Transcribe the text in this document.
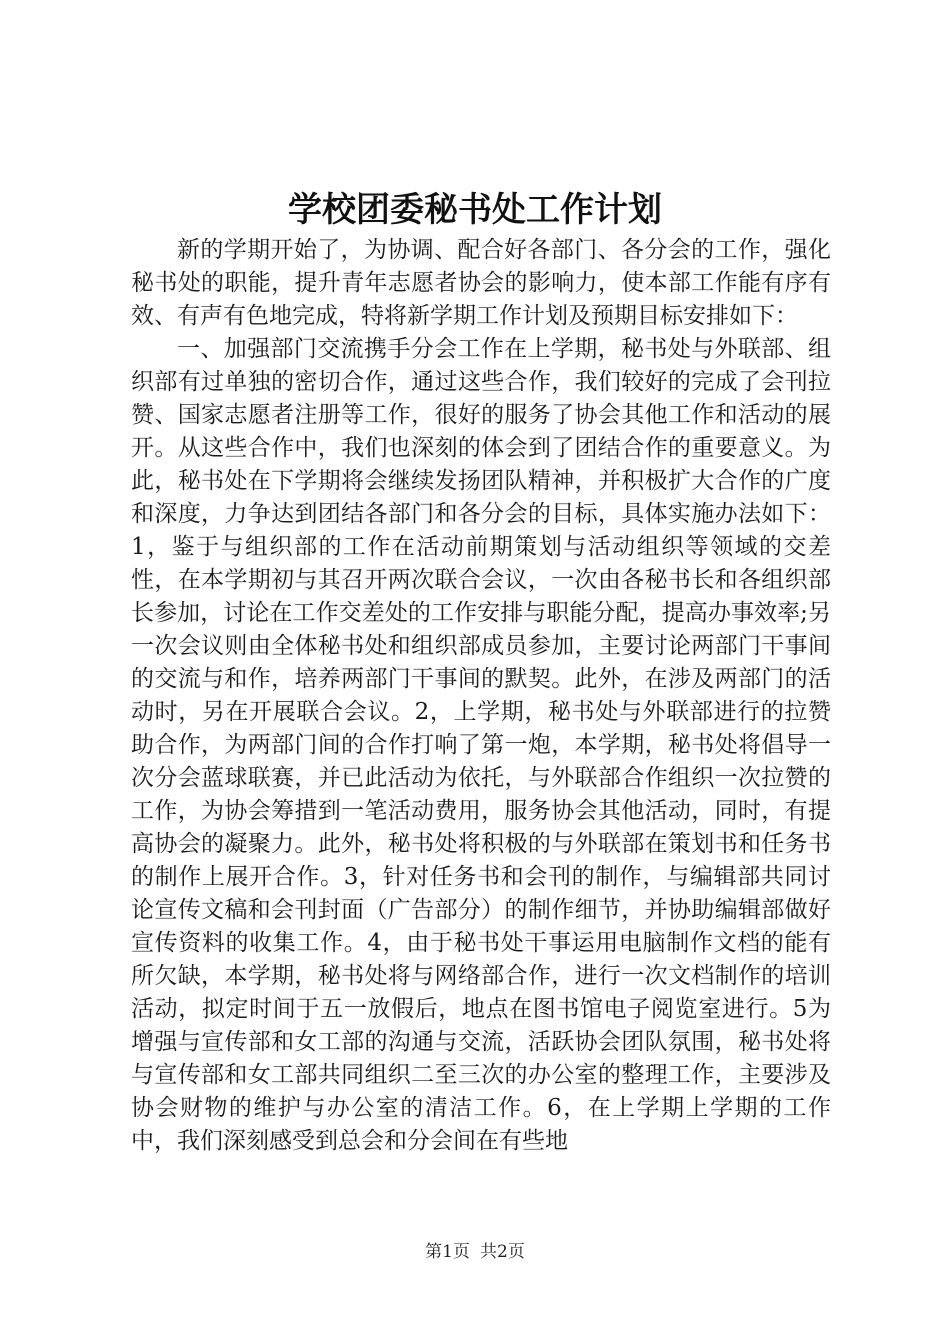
学校团委秘书处工作计划

新的学期开始了，为协调、配合好各部门、各分会的工作，强化秘书处的职能，提升青年志愿者协会的影响力，使本部工作能有序有效、有声有色地完成，特将新学期工作计划及预期目标安排如下：

一、加强部门交流携手分会工作在上学期，秘书处与外联部、组织部有过单独的密切合作，通过这些合作，我们较好的完成了会刊拉赞、国家志愿者注册等工作，很好的服务了协会其他工作和活动的展开。从这些合作中，我们也深刻的体会到了团结合作的重要意义。为此，秘书处在下学期将会继续发扬团队精神，并积极扩大合作的广度和深度，力争达到团结各部门和各分会的目标，具体实施办法如下：1，鉴于与组织部的工作在活动前期策划与活动组织等领域的交差性，在本学期初与其召开两次联合会议，一次由各秘书长和各组织部长参加，讨论在工作交差处的工作安排与职能分配，提高办事效率;另一次会议则由全体秘书处和组织部成员参加，主要讨论两部门干事间的交流与和作，培养两部门干事间的默契。此外，在涉及两部门的活动时，另在开展联合会议。2，上学期，秘书处与外联部进行的拉赞助合作，为两部门间的合作打响了第一炮，本学期，秘书处将倡导一次分会蓝球联赛，并已此活动为依托，与外联部合作组织一次拉赞的工作，为协会筹措到一笔活动费用，服务协会其他活动，同时，有提高协会的凝聚力。此外，秘书处将积极的与外联部在策划书和任务书的制作上展开合作。3，针对任务书和会刊的制作，与编辑部共同讨论宣传文稿和会刊封面（广告部分）的制作细节，并协助编辑部做好宣传资料的收集工作。4，由于秘书处干事运用电脑制作文档的能有所欠缺，本学期，秘书处将与网络部合作，进行一次文档制作的培训活动，拟定时间于五一放假后，地点在图书馆电子阅览室进行。5为增强与宣传部和女工部的沟通与交流，活跃协会团队氛围，秘书处将与宣传部和女工部共同组织二至三次的办公室的整理工作，主要涉及协会财物的维护与办公室的清洁工作。6，在上学期上学期的工作中，我们深刻感受到总会和分会间在有些地

第1页 共2页
